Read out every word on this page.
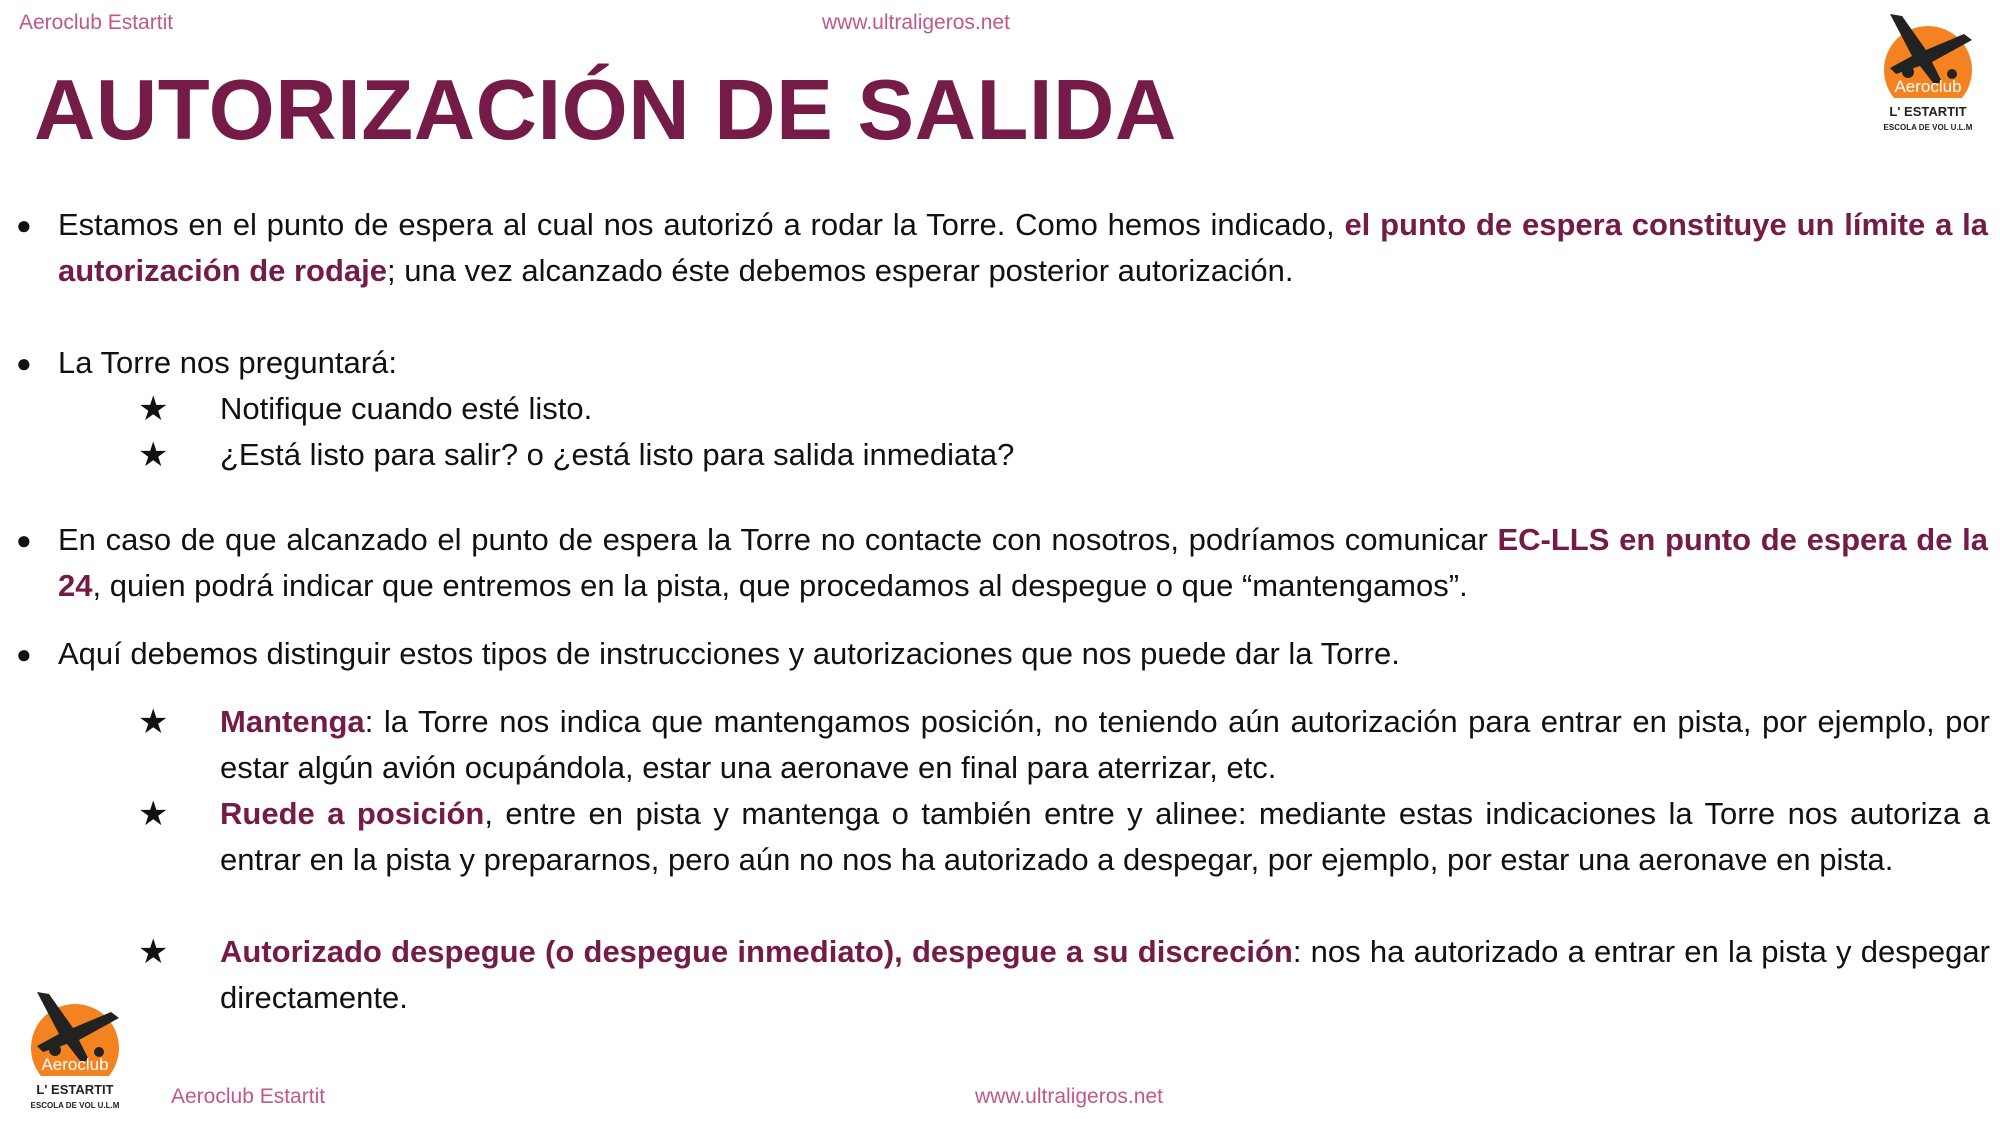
Aeroclub Estartit	www.ultraligeros.net
Aeroclub
L' ESTARTIT
ESCOLA DE VOL U.L.M
AUTORIZACIÓN DE SALIDA
● Estamos en el punto de espera al cual nos autorizó a rodar la Torre. Como hemos indicado, el punto de espera constituye un límite a la autorización de rodaje; una vez alcanzado éste debemos esperar posterior autorización.
● La Torre nos preguntará:
★ Notifique cuando esté listo.
★ ¿Está listo para salir? o ¿está listo para salida inmediata?
● En caso de que alcanzado el punto de espera la Torre no contacte con nosotros, podríamos comunicar EC-LLS en punto de espera de la 24, quien podrá indicar que entremos en la pista, que procedamos al despegue o que “mantengamos”.
● Aquí debemos distinguir estos tipos de instrucciones y autorizaciones que nos puede dar la Torre.
★ Mantenga: la Torre nos indica que mantengamos posición, no teniendo aún autorización para entrar en pista, por ejemplo, por estar algún avión ocupándola, estar una aeronave en final para aterrizar, etc.
★ Ruede a posición, entre en pista y mantenga o también entre y alinee: mediante estas indicaciones la Torre nos autoriza a entrar en la pista y prepararnos, pero aún no nos ha autorizado a despegar, por ejemplo, por estar una aeronave en pista.
★ Autorizado despegue (o despegue inmediato), despegue a su discreción: nos ha autorizado a entrar en la pista y despegar directamente.
Aeroclub
L' ESTARTIT
ESCOLA DE VOL U.L.M Aeroclub Estartit	www.ultraligeros.net
